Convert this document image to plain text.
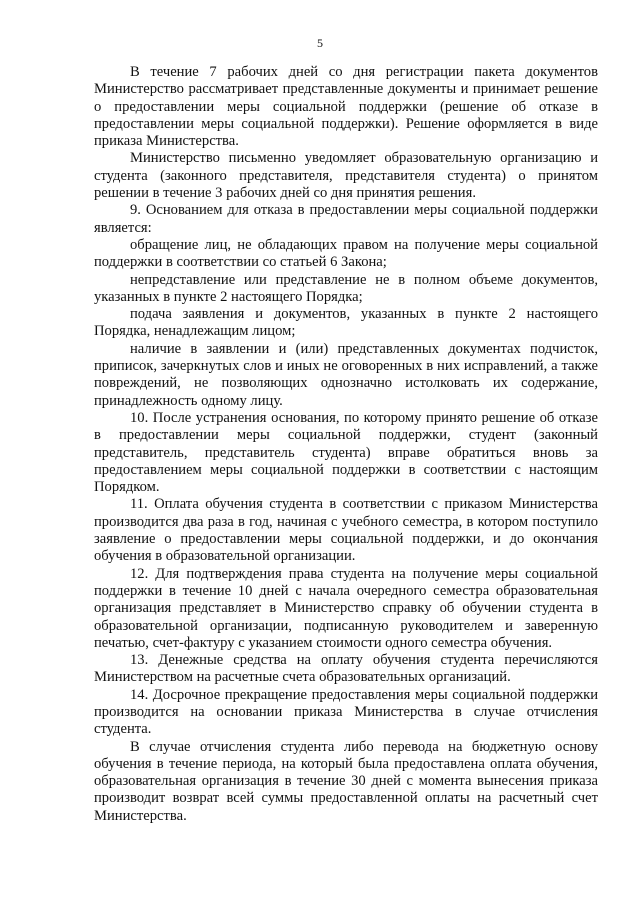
5

В течение 7 рабочих дней со дня регистрации пакета документов Министерство рассматривает представленные документы и принимает решение о предоставлении меры социальной поддержки (решение об отказе в предоставлении меры социальной поддержки). Решение оформляется в виде приказа Министерства.

Министерство письменно уведомляет образовательную организацию и студента (законного представителя, представителя студента) о принятом решении в течение 3 рабочих дней со дня принятия решения.

9. Основанием для отказа в предоставлении меры социальной поддержки является:

обращение лиц, не обладающих правом на получение меры социальной поддержки в соответствии со статьей 6 Закона;

непредставление или представление не в полном объеме документов, указанных в пункте 2 настоящего Порядка;

подача заявления и документов, указанных в пункте 2 настоящего Порядка, ненадлежащим лицом;

наличие в заявлении и (или) представленных документах подчисток, приписок, зачеркнутых слов и иных не оговоренных в них исправлений, а также повреждений, не позволяющих однозначно истолковать их содержание, принадлежность одному лицу.

10. После устранения основания, по которому принято решение об отказе в предоставлении меры социальной поддержки, студент (законный представитель, представитель студента) вправе обратиться вновь за предоставлением меры социальной поддержки в соответствии с настоящим Порядком.

11. Оплата обучения студента в соответствии с приказом Министерства производится два раза в год, начиная с учебного семестра, в котором поступило заявление о предоставлении меры социальной поддержки, и до окончания обучения в образовательной организации.

12. Для подтверждения права студента на получение меры социальной поддержки в течение 10 дней с начала очередного семестра образовательная организация представляет в Министерство справку об обучении студента в образовательной организации, подписанную руководителем и заверенную печатью, счет-фактуру с указанием стоимости одного семестра обучения.

13. Денежные средства на оплату обучения студента перечисляются Министерством на расчетные счета образовательных организаций.

14. Досрочное прекращение предоставления меры социальной поддержки производится на основании приказа Министерства в случае отчисления студента.

В случае отчисления студента либо перевода на бюджетную основу обучения в течение периода, на который была предоставлена оплата обучения, образовательная организация в течение 30 дней с момента вынесения приказа производит возврат всей суммы предоставленной оплаты на расчетный счет Министерства.
